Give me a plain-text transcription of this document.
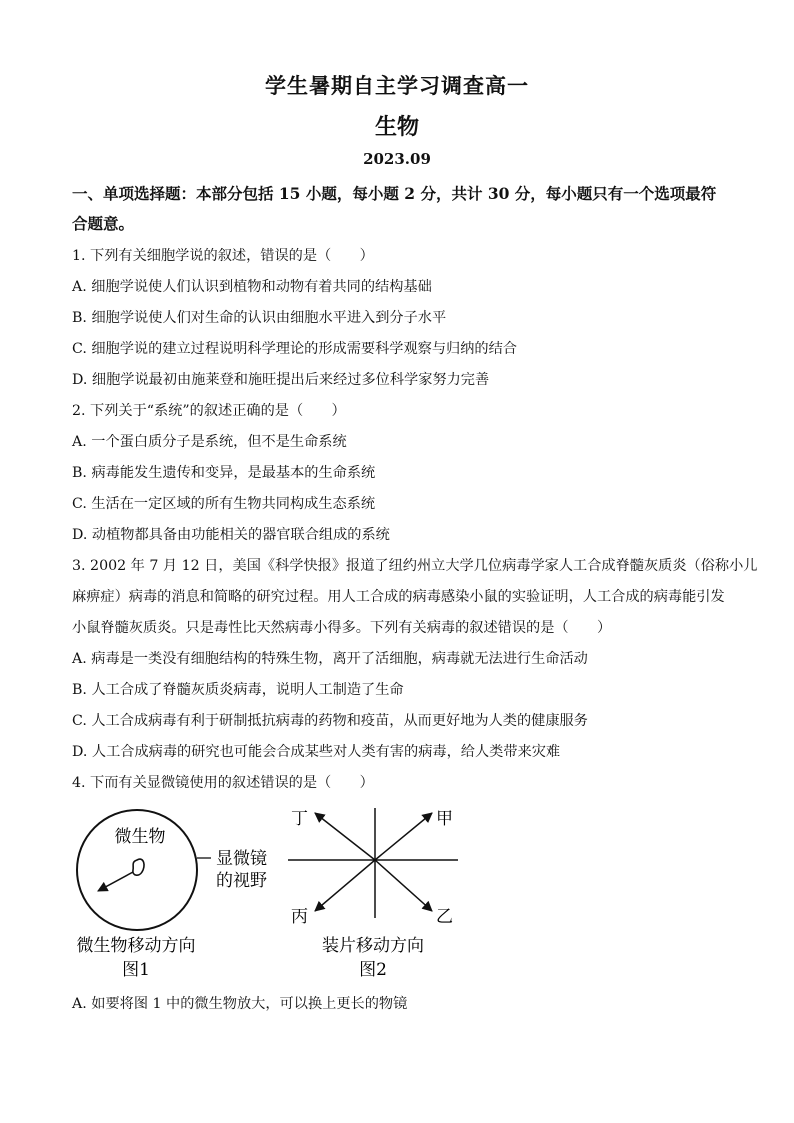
学生暑期自主学习调查高一
生物
2023.09
一、单项选择题：本部分包括 15 小题，每小题 2 分，共计 30 分，每小题只有一个选项最符
合题意。
1. 下列有关细胞学说的叙述，错误的是（　　）
A. 细胞学说使人们认识到植物和动物有着共同的结构基础
B. 细胞学说使人们对生命的认识由细胞水平进入到分子水平
C. 细胞学说的建立过程说明科学理论的形成需要科学观察与归纳的结合
D. 细胞学说最初由施莱登和施旺提出后来经过多位科学家努力完善
2. 下列关于“系统”的叙述正确的是（　　）
A. 一个蛋白质分子是系统，但不是生命系统
B. 病毒能发生遗传和变异，是最基本的生命系统
C. 生活在一定区域的所有生物共同构成生态系统
D. 动植物都具备由功能相关的器官联合组成的系统
3. 2002 年 7 月 12 日，美国《科学快报》报道了纽约州立大学几位病毒学家人工合成脊髓灰质炎（俗称小儿
麻痹症）病毒的消息和简略的研究过程。用人工合成的病毒感染小鼠的实验证明，人工合成的病毒能引发
小鼠脊髓灰质炎。只是毒性比天然病毒小得多。下列有关病毒的叙述错误的是（　　）
A. 病毒是一类没有细胞结构的特殊生物，离开了活细胞，病毒就无法进行生命活动
B. 人工合成了脊髓灰质炎病毒，说明人工制造了生命
C. 人工合成病毒有利于研制抵抗病毒的药物和疫苗，从而更好地为人类的健康服务
D. 人工合成病毒的研究也可能会合成某些对人类有害的病毒，给人类带来灾难
4. 下而有关显微镜使用的叙述错误的是（　　）
微生物
显微镜
的视野
微生物移动方向
图1
丁	甲
丙	乙
装片移动方向
图2
A. 如要将图 1 中的微生物放大，可以换上更长的物镜
